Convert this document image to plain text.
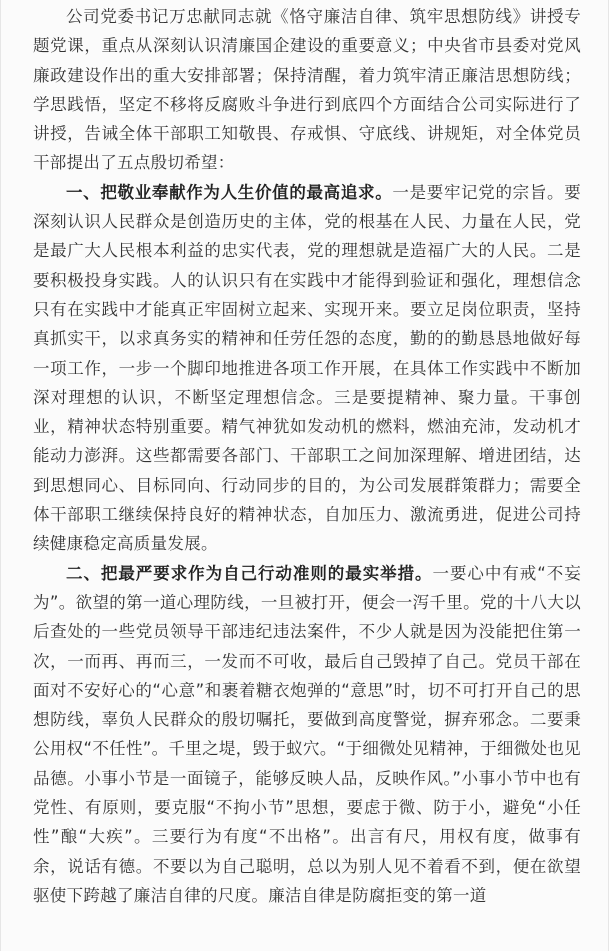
公司党委书记万忠献同志就《恪守廉洁自律、筑牢思想防线》讲授专题党课，重点从深刻认识清廉国企建设的重要意义；中央省市县委对党风廉政建设作出的重大安排部署；保持清醒，着力筑牢清正廉洁思想防线；学思践悟，坚定不移将反腐败斗争进行到底四个方面结合公司实际进行了讲授，告诫全体干部职工知敬畏、存戒惧、守底线、讲规矩，对全体党员干部提出了五点殷切希望：

一、把敬业奉献作为人生价值的最高追求。一是要牢记党的宗旨。要深刻认识人民群众是创造历史的主体，党的根基在人民、力量在人民，党是最广大人民根本利益的忠实代表，党的理想就是造福广大的人民。二是要积极投身实践。人的认识只有在实践中才能得到验证和强化，理想信念只有在实践中才能真正牢固树立起来、实现开来。要立足岗位职责，坚持真抓实干，以求真务实的精神和任劳任怨的态度，勤的的勤恳恳地做好每一项工作，一步一个脚印地推进各项工作开展，在具体工作实践中不断加深对理想的认识，不断坚定理想信念。三是要提精神、聚力量。干事创业，精神状态特别重要。精气神犹如发动机的燃料，燃油充沛，发动机才能动力澎湃。这些都需要各部门、干部职工之间加深理解、增进团结，达到思想同心、目标同向、行动同步的目的，为公司发展群策群力；需要全体干部职工继续保持良好的精神状态，自加压力、激流勇进，促进公司持续健康稳定高质量发展。

二、把最严要求作为自己行动准则的最实举措。一要心中有戒“不妄为”。欲望的第一道心理防线，一旦被打开，便会一泻千里。党的十八大以后查处的一些党员领导干部违纪违法案件，不少人就是因为没能把住第一次，一而再、再而三，一发而不可收，最后自己毁掉了自己。党员干部在面对不安好心的“心意”和裹着糖衣炮弹的“意思”时，切不可打开自己的思想防线，辜负人民群众的殷切嘱托，要做到高度警觉，摒弃邪念。二要秉公用权“不任性”。千里之堤，毁于蚁穴。“于细微处见精神，于细微处也见品德。小事小节是一面镜子，能够反映人品，反映作风。”小事小节中也有党性、有原则，要克服“不拘小节”思想，要虑于微、防于小，避免“小任性”酿“大疾”。三要行为有度“不出格”。出言有尺，用权有度，做事有余，说话有德。不要以为自己聪明，总以为别人见不着看不到，便在欲望驱使下跨越了廉洁自律的尺度。廉洁自律是防腐拒变的第一道
